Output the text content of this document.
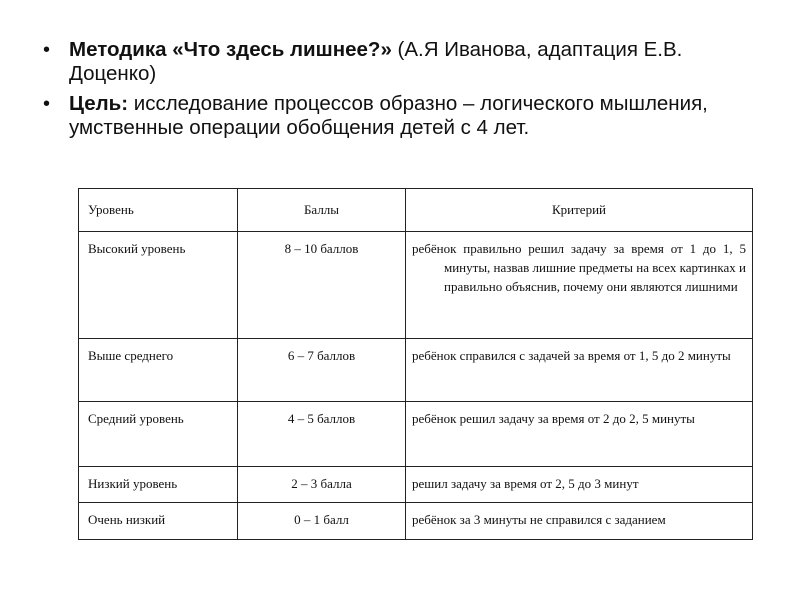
• Методика «Что здесь лишнее?» (А.Я Иванова, адаптация Е.В. Доценко)
• Цель: исследование процессов образно – логического мышления, умственные операции обобщения детей с 4 лет.
Уровень	Баллы	Критерий
Высокий уровень	8 – 10 баллов	ребёнок правильно решил задачу за время от 1 до 1, 5 минуты, назвав лишние предметы на всех картинках и правильно объяснив, почему они являются лишними

Выше среднего	6 – 7 баллов	ребёнок справился с задачей за время от 1, 5 до 2 минуты

Средний уровень	4 – 5 баллов	ребёнок решил задачу за время от 2 до 2, 5 минуты

Низкий уровень	2 – 3 балла	решил задачу за время от 2, 5 до 3 минут

Очень низкий	0 – 1 балл	ребёнок за 3 минуты не справился с заданием
